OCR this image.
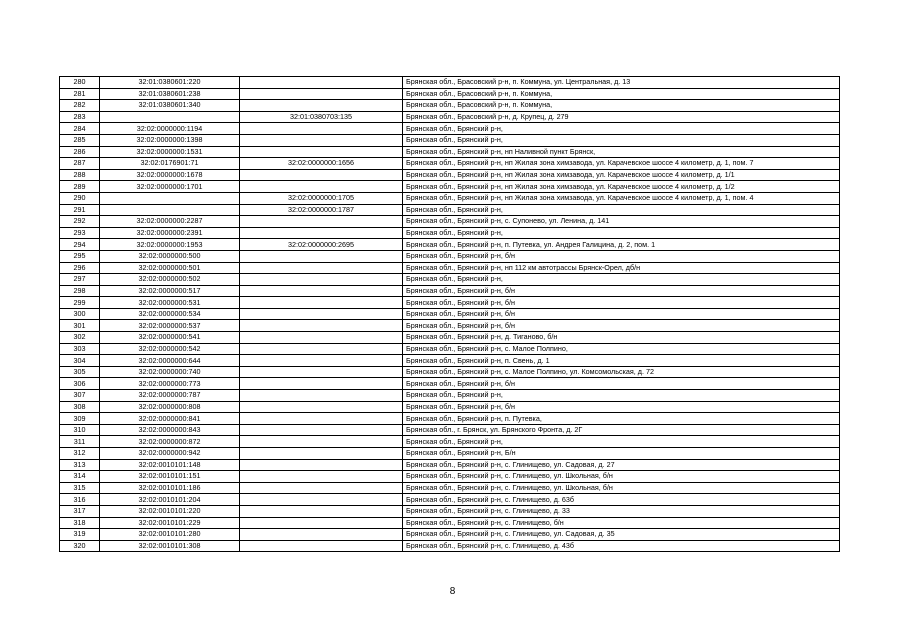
280	32:01:0380601:220		Брянская обл., Брасовский р-н, п. Коммуна, ул. Центральная, д. 13
281	32:01:0380601:238		Брянская обл., Брасовский р-н, п. Коммуна,
282	32:01:0380601:340		Брянская обл., Брасовский р-н, п. Коммуна,
283		32:01:0380703:135	Брянская обл., Брасовский р-н, д. Крупец, д. 279
284	32:02:0000000:1194		Брянская обл., Брянский р-н,
285	32:02:0000000:1398		Брянская обл., Брянский р-н,
286	32:02:0000000:1531		Брянская обл., Брянский р-н, нп Наливной пункт Брянск,
287	32:02:0176901:71	32:02:0000000:1656	Брянская обл., Брянский р-н, нп Жилая зона химзавода, ул. Карачевское шоссе 4 километр, д. 1, пом. 7
288	32:02:0000000:1678		Брянская обл., Брянский р-н, нп Жилая зона химзавода, ул. Карачевское шоссе 4 километр, д. 1/1
289	32:02:0000000:1701		Брянская обл., Брянский р-н, нп Жилая зона химзавода, ул. Карачевское шоссе 4 километр, д. 1/2
290		32:02:0000000:1705	Брянская обл., Брянский р-н, нп Жилая зона химзавода, ул. Карачевское шоссе 4 километр, д. 1, пом. 4
291		32:02:0000000:1787	Брянская обл., Брянский р-н,
292	32:02:0000000:2287		Брянская обл., Брянский р-н, с. Супонево, ул. Ленина, д. 141
293	32:02:0000000:2391		Брянская обл., Брянский р-н,
294	32:02:0000000:1953	32:02:0000000:2695	Брянская обл., Брянский р-н, п. Путевка, ул. Андрея Галицина, д. 2, пом. 1
295	32:02:0000000:500		Брянская обл., Брянский р-н, б/н
296	32:02:0000000:501		Брянская обл., Брянский р-н, нп 112 км автотрассы Брянск-Орел, дб/н
297	32:02:0000000:502		Брянская обл., Брянский р-н,
298	32:02:0000000:517		Брянская обл., Брянский р-н, б/н
299	32:02:0000000:531		Брянская обл., Брянский р-н, б/н
300	32:02:0000000:534		Брянская обл., Брянский р-н, б/н
301	32:02:0000000:537		Брянская обл., Брянский р-н, б/н
302	32:02:0000000:541		Брянская обл., Брянский р-н, д. Тиганово, б/н
303	32:02:0000000:542		Брянская обл., Брянский р-н, с. Малое Полпино,
304	32:02:0000000:644		Брянская обл., Брянский р-н, п. Свень, д. 1
305	32:02:0000000:740		Брянская обл., Брянский р-н, с. Малое Полпино, ул. Комсомольская, д. 72
306	32:02:0000000:773		Брянская обл., Брянский р-н, б/н
307	32:02:0000000:787		Брянская обл., Брянский р-н,
308	32:02:0000000:808		Брянская обл., Брянский р-н, б/н
309	32:02:0000000:841		Брянская обл., Брянский р-н, п. Путевка,
310	32:02:0000000:843		Брянская обл., г. Брянск, ул. Брянского Фронта, д. 2Г
311	32:02:0000000:872		Брянская обл., Брянский р-н,
312	32:02:0000000:942		Брянская обл., Брянский р-н, Б/н
313	32:02:0010101:148		Брянская обл., Брянский р-н, с. Глинищево, ул. Садовая, д. 27
314	32:02:0010101:151		Брянская обл., Брянский р-н, с. Глинищево, ул. Школьная, б/н
315	32:02:0010101:186		Брянская обл., Брянский р-н, с. Глинищево, ул. Школьная, б/н
316	32:02:0010101:204		Брянская обл., Брянский р-н, с. Глинищево, д. 63б
317	32:02:0010101:220		Брянская обл., Брянский р-н, с. Глинищево, д. 33
318	32:02:0010101:229		Брянская обл., Брянский р-н, с. Глинищево, б/н
319	32:02:0010101:280		Брянская обл., Брянский р-н, с. Глинищево, ул. Садовая, д. 35
320	32:02:0010101:308		Брянская обл., Брянский р-н, с. Глинищево, д. 43б
8
